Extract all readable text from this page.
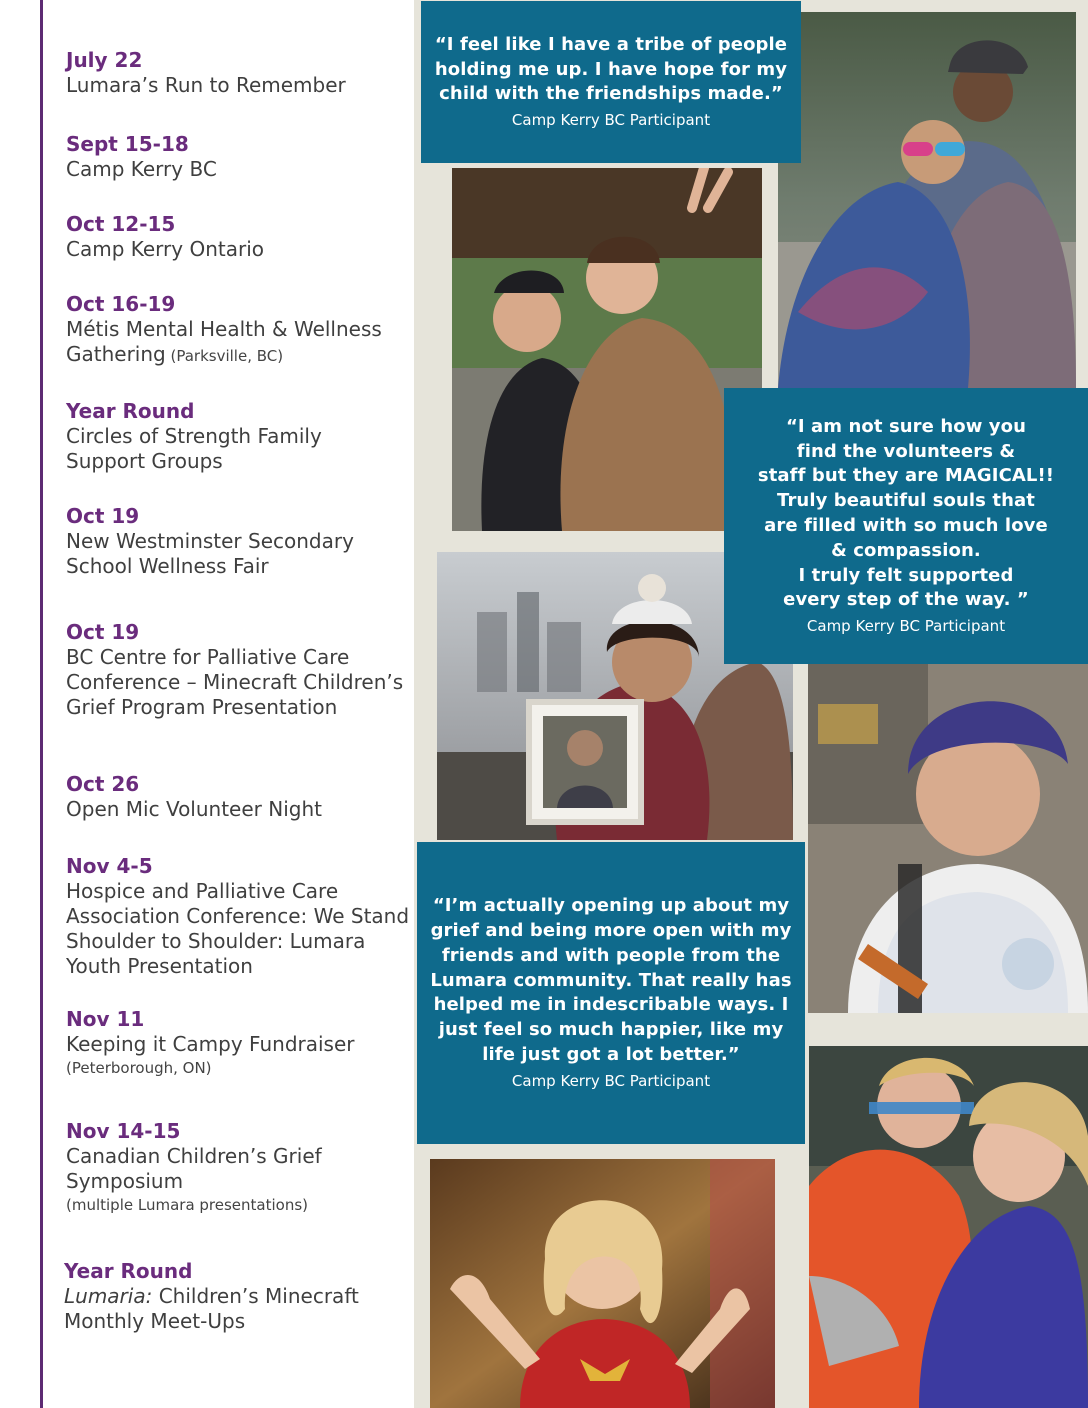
July 22
Lumara’s Run to Remember
Sept 15-18
Camp Kerry BC
Oct 12-15
Camp Kerry Ontario
Oct 16-19
Métis Mental Health & Wellness
Gathering (Parksville, BC)
Year Round
Circles of Strength Family
Support Groups
Oct 19
New Westminster Secondary
School Wellness Fair
Oct 19
BC Centre for Palliative Care
Conference – Minecraft Children’s
Grief Program Presentation
Oct 26
Open Mic Volunteer Night
Nov 4-5
Hospice and Palliative Care
Association Conference: We Stand
Shoulder to Shoulder: Lumara
Youth Presentation
Nov 11
Keeping it Campy Fundraiser
(Peterborough, ON)
Nov 14-15
Canadian Children’s Grief
Symposium
(multiple Lumara presentations)
Year Round
Lumaria: Children’s Minecraft
Monthly Meet-Ups
“I feel like I have a tribe of people
holding me up. I have hope for my
child with the friendships made.”
Camp Kerry BC Participant
“I am not sure how you
find the volunteers &
staff but they are MAGICAL!!
Truly beautiful souls that
are filled with so much love
& compassion.
I truly felt supported
every step of the way. ”
Camp Kerry BC Participant
“I’m actually opening up about my
grief and being more open with my
friends and with people from the
Lumara community. That really has
helped me in indescribable ways. I
just feel so much happier, like my
life just got a lot better.”
Camp Kerry BC Participant
